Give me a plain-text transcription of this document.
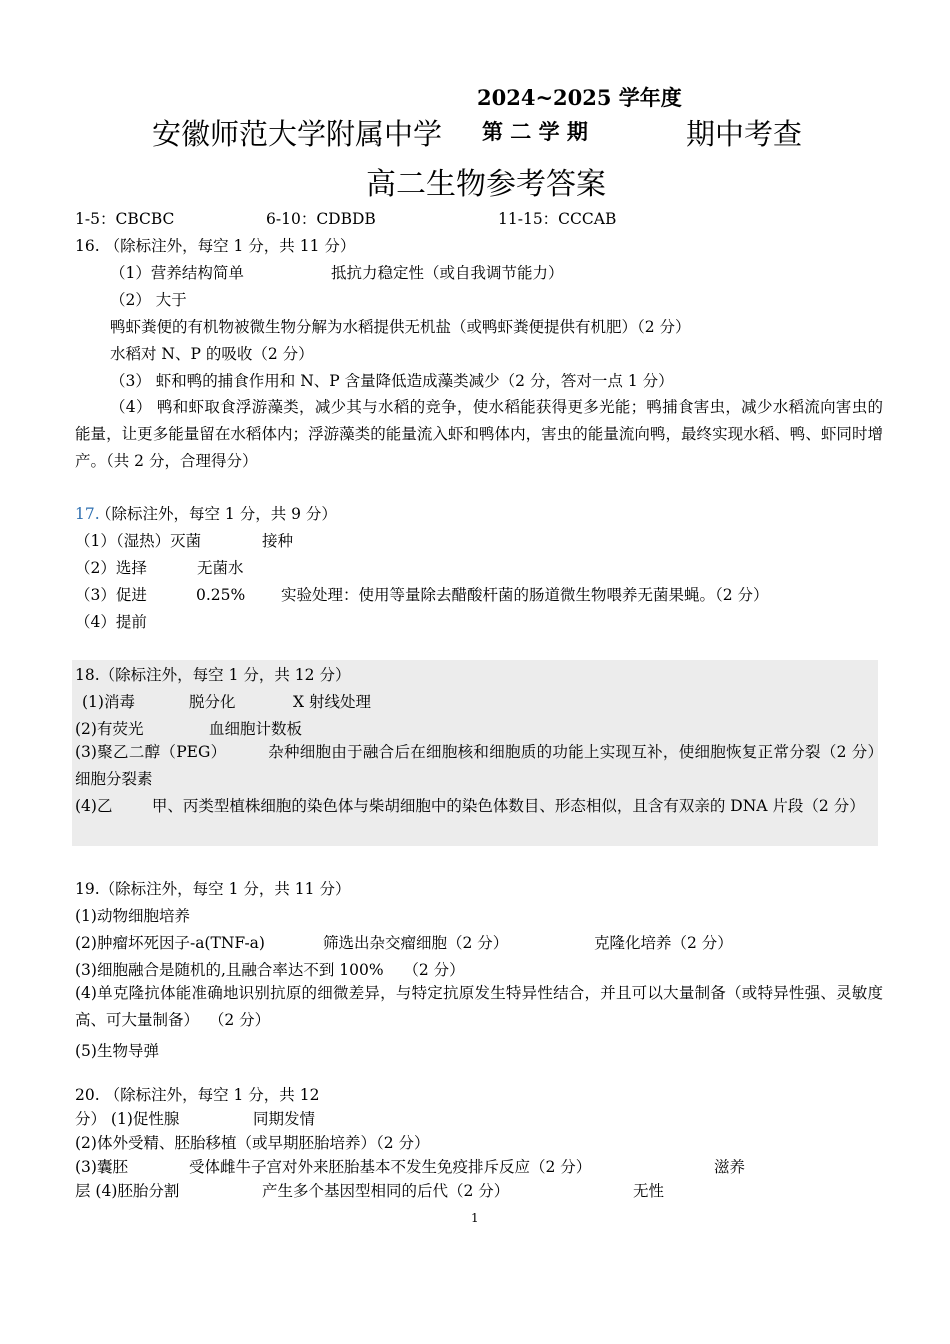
2024~2025 学年度
安徽师范大学附属中学 第 二 学 期	期中考查
高二生物参考答案
1-5：CBCBC	6-10：CDBDB	11-15：CCCAB
16. （除标注外，每空 1 分，共 11 分）
（1）营养结构简单	抵抗力稳定性（或自我调节能力）
（2） 大于
鸭虾粪便的有机物被微生物分解为水稻提供无机盐（或鸭虾粪便提供有机肥）（2 分）
水稻对 N、P 的吸收（2 分）
（3） 虾和鸭的捕食作用和 N、P 含量降低造成藻类减少（2 分，答对一点 1 分）
（4） 鸭和虾取食浮游藻类，减少其与水稻的竞争，使水稻能获得更多光能；鸭捕食害虫，减少水稻流向害虫的能量，让更多能量留在水稻体内；浮游藻类的能量流入虾和鸭体内，害虫的能量流向鸭，最终实现水稻、鸭、虾同时增产。（共 2 分，合理得分）
17.
（除标注外，每空 1 分，共 9 分）
（1）（湿热）灭菌	接种
（2）选择	无菌水
（3）促进	0.25% 实验处理：使用等量除去醋酸杆菌的肠道微生物喂养无菌果蝇。（2 分）
（4）提前
18.（除标注外，每空 1 分，共 12 分）
(1)消毒	脱分化	X 射线处理
(2)有荧光	血细胞计数板
(3)聚乙二醇（PEG）        杂种细胞由于融合后在细胞核和细胞质的功能上实现互补，使细胞恢复正常分裂（2 分）        细胞分裂素
(4)乙        甲、丙类型植株细胞的染色体与柴胡细胞中的染色体数目、形态相似，且含有双亲的 DNA 片段（2 分）
19.（除标注外，每空 1 分，共 11 分）
(1)动物细胞培养
(2)肿瘤坏死因子-a(TNF-a)	筛选出杂交瘤细胞（2 分）	克隆化培养（2 分）
(3)细胞融合是随机的,且融合率达不到 100%    （2 分）
(4)单克隆抗体能准确地识别抗原的细微差异，与特定抗原发生特异性结合，并且可以大量制备（或特异性强、灵敏度高、可大量制备）  （2 分）
(5)生物导弹
20. （除标注外，每空 1 分，共 12
分） (1)促性腺	同期发情
(2)体外受精、胚胎移植（或早期胚胎培养）（2 分）
(3)囊胚	受体雌牛子宫对外来胚胎基本不发生免疫排斥反应（2 分）	滋养
层 (4)胚胎分割	产生多个基因型相同的后代（2 分）	无性
1
